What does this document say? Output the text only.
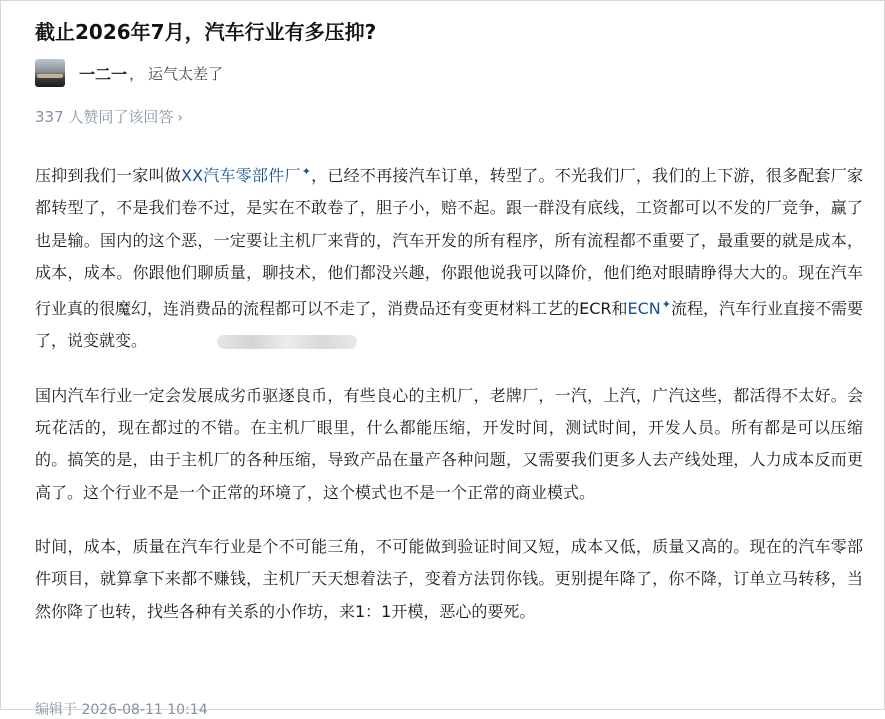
截止2026年7月，汽车行业有多压抑?
一二一 ， 运气太差了
337 人赞同了该回答 ›

压抑到我们一家叫做XX汽车零部件厂✦，已经不再接汽车订单，转型了。不光我们厂，我们的上下游，很多配套厂家都转型了，不是我们卷不过，是实在不敢卷了，胆子小，赔不起。跟一群没有底线，工资都可以不发的厂竞争，赢了也是输。国内的这个恶，一定要让主机厂来背的，汽车开发的所有程序，所有流程都不重要了，最重要的就是成本，成本，成本。你跟他们聊质量，聊技术，他们都没兴趣，你跟他说我可以降价，他们绝对眼睛睁得大大的。现在汽车行业真的很魔幻，连消费品的流程都可以不走了，消费品还有变更材料工艺的ECR和ECN✦流程，汽车行业直接不需要了，说变就变。

国内汽车行业一定会发展成劣币驱逐良币，有些良心的主机厂，老牌厂，一汽，上汽，广汽这些，都活得不太好。会玩花活的，现在都过的不错。在主机厂眼里，什么都能压缩，开发时间，测试时间，开发人员。所有都是可以压缩的。搞笑的是，由于主机厂的各种压缩，导致产品在量产各种问题，又需要我们更多人去产线处理，人力成本反而更高了。这个行业不是一个正常的环境了，这个模式也不是一个正常的商业模式。

时间，成本，质量在汽车行业是个不可能三角，不可能做到验证时间又短，成本又低，质量又高的。现在的汽车零部件项目，就算拿下来都不赚钱，主机厂天天想着法子，变着方法罚你钱。更别提年降了，你不降，订单立马转移，当然你降了也转，找些各种有关系的小作坊，来1：1开模，恶心的要死。

编辑于 2026-08-11 10:14
